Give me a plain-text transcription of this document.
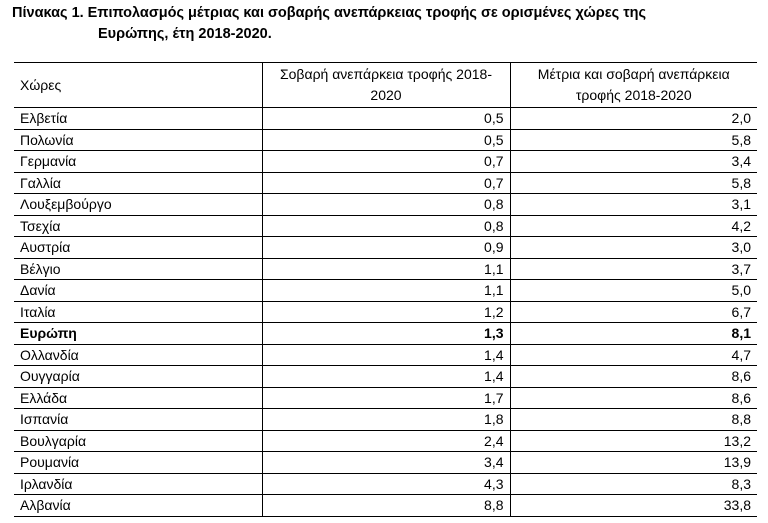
Πίνακας 1. Επιπολασμός μέτριας και σοβαρής ανεπάρκειας τροφής σε ορισμένες χώρες της
Ευρώπης, έτη 2018-2020.
Χώρες	Σοβαρή ανεπάρκεια τροφής 2018-2020	Μέτρια και σοβαρή ανεπάρκεια τροφής 2018-2020
Ελβετία	0,5	2,0
Πολωνία	0,5	5,8
Γερμανία	0,7	3,4
Γαλλία	0,7	5,8
Λουξεμβούργο	0,8	3,1
Τσεχία	0,8	4,2
Αυστρία	0,9	3,0
Βέλγιο	1,1	3,7
Δανία	1,1	5,0
Ιταλία	1,2	6,7
Ευρώπη	1,3	8,1
Ολλανδία	1,4	4,7
Ουγγαρία	1,4	8,6
Ελλάδα	1,7	8,6
Ισπανία	1,8	8,8
Βουλγαρία	2,4	13,2
Ρουμανία	3,4	13,9
Ιρλανδία	4,3	8,3
Αλβανία	8,8	33,8
